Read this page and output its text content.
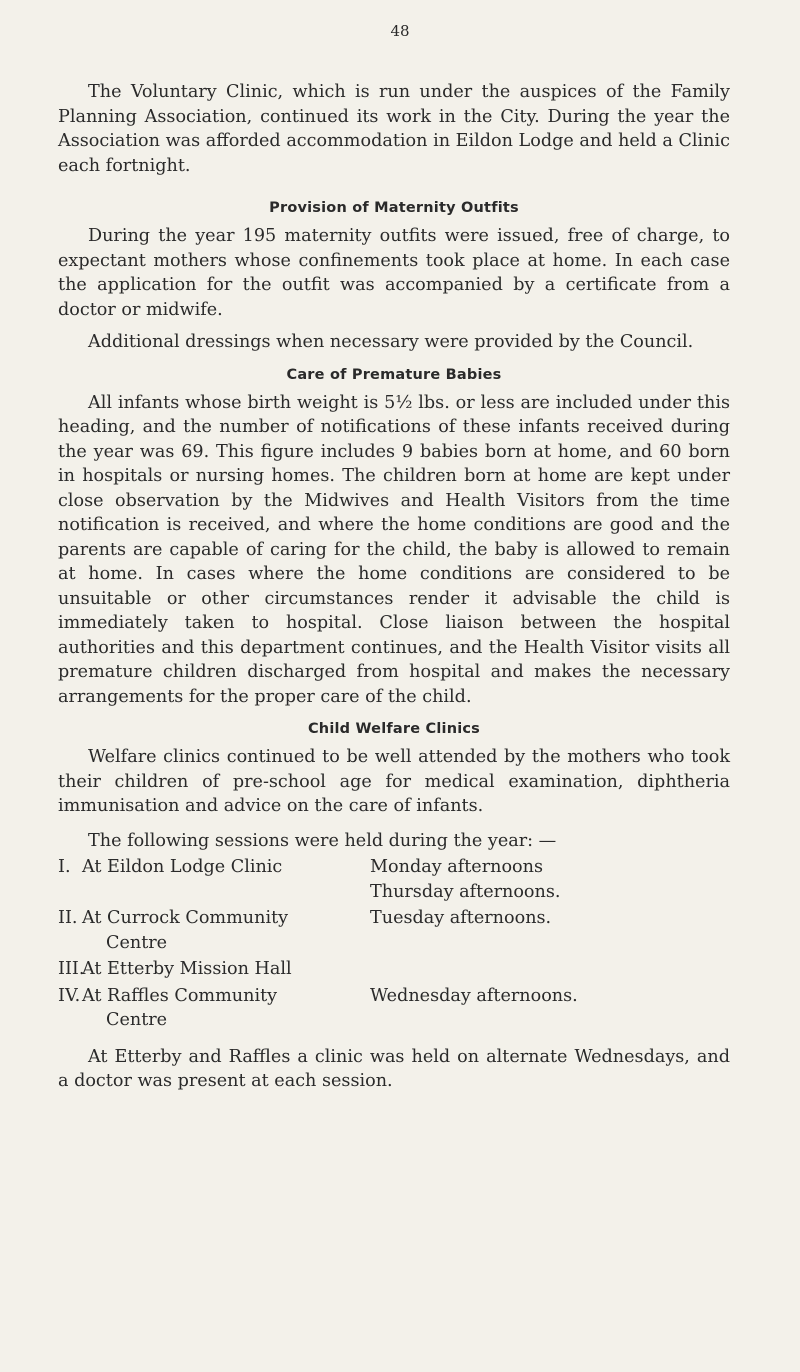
48

The Voluntary Clinic, which is run under the auspices of the Family Planning Association, continued its work in the City. During the year the Association was afforded accommodation in Eildon Lodge and held a Clinic each fortnight.

Provision of Maternity Outfits

During the year 195 maternity outfits were issued, free of charge, to expectant mothers whose confinements took place at home. In each case the application for the outfit was accompanied by a certificate from a doctor or midwife.

Additional dressings when necessary were provided by the Council.

Care of Premature Babies

All infants whose birth weight is 5½ lbs. or less are included under this heading, and the number of notifications of these infants received during the year was 69. This figure includes 9 babies born at home, and 60 born in hospitals or nursing homes. The children born at home are kept under close observation by the Midwives and Health Visitors from the time notification is received, and where the home conditions are good and the parents are capable of caring for the child, the baby is allowed to remain at home. In cases where the home conditions are considered to be unsuitable or other circumstances render it advisable the child is immediately taken to hospital. Close liaison between the hospital authorities and this department continues, and the Health Visitor visits all premature children discharged from hospital and makes the necessary arrangements for the proper care of the child.

Child Welfare Clinics

Welfare clinics continued to be well attended by the mothers who took their children of pre-school age for medical examination, diphtheria immunisation and advice on the care of infants.

The following sessions were held during the year: —

I. At Eildon Lodge Clinic	Monday afternoons
Thursday afternoons.
II. At Currock Community
Centre
Tuesday afternoons.
III.
At Etterby Mission Hall
IV. At Raffles Community
Centre
Wednesday afternoons.

At Etterby and Raffles a clinic was held on alternate Wednesdays, and a doctor was present at each session.
